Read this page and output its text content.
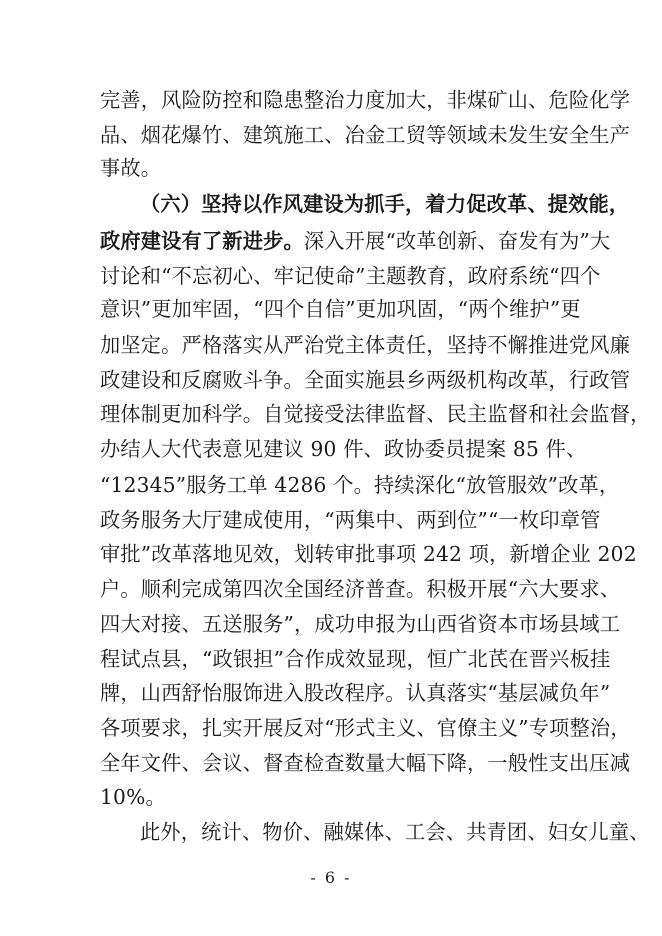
完善，风险防控和隐患整治力度加大，非煤矿山、危险化学
品、烟花爆竹、建筑施工、冶金工贸等领域未发生安全生产
事故。
（六）坚持以作风建设为抓手，着力促改革、提效能，
政府建设有了新进步。深入开展“改革创新、奋发有为”大
讨论和“不忘初心、牢记使命”主题教育，政府系统“四个
意识”更加牢固，“四个自信”更加巩固，“两个维护”更
加坚定。严格落实从严治党主体责任，坚持不懈推进党风廉
政建设和反腐败斗争。全面实施县乡两级机构改革，行政管
理体制更加科学。自觉接受法律监督、民主监督和社会监督，
办结人大代表意见建议 90 件、政协委员提案 85 件、
“12345”服务工单 4286 个。持续深化“放管服效”改革，
政务服务大厅建成使用，“两集中、两到位”“一枚印章管
审批”改革落地见效，划转审批事项 242 项，新增企业 202
户。顺利完成第四次全国经济普查。积极开展“六大要求、
四大对接、五送服务”，成功申报为山西省资本市场县域工
程试点县，“政银担”合作成效显现，恒广北芪在晋兴板挂
牌，山西舒怡服饰进入股改程序。认真落实“基层减负年”
各项要求，扎实开展反对“形式主义、官僚主义”专项整治，
全年文件、会议、督查检查数量大幅下降，一般性支出压减
10%。
此外，统计、物价、融媒体、工会、共青团、妇女儿童、
- 6 -
